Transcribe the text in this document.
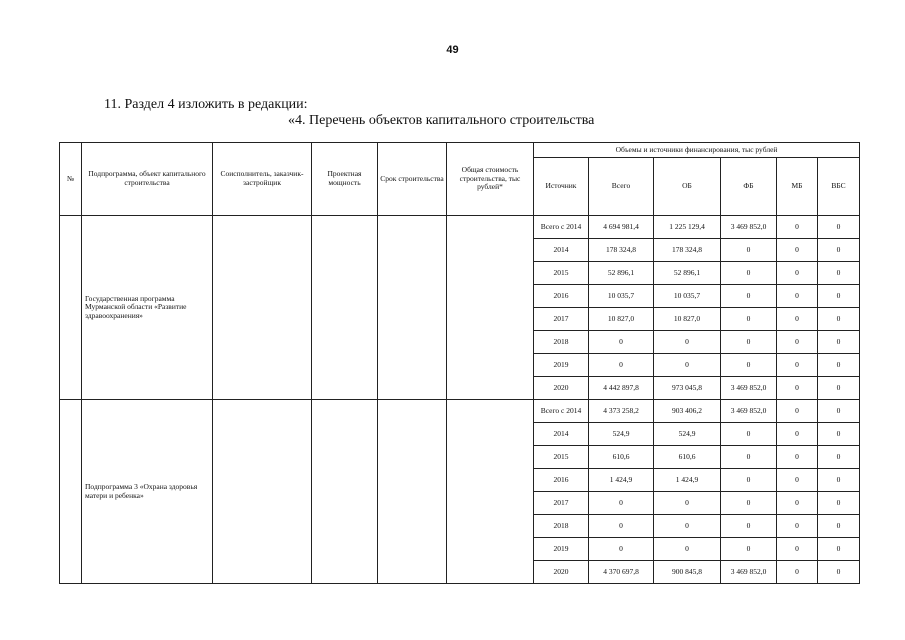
49
11. Раздел 4 изложить в редакции:
«4. Перечень объектов капитального строительства
№	Подпрограмма, объект капитального строительства	Соисполнитель, заказчик-застройщик	Проектная мощность	Срок строительства	Общая стоимость строительства, тыс рублей*	Объемы и источники финансирования, тыс рублей					
						Источник	Всего	ОБ	ФБ	МБ	ВБС
	Государственная программа Мурманской области «Развитие здравоохранения»					Всего с 2014	4 694 981,4	1 225 129,4	3 469 852,0	0	0
						2014	178 324,8	178 324,8	0	0	0
						2015	52 896,1	52 896,1	0	0	0
						2016	10 035,7	10 035,7	0	0	0
						2017	10 827,0	10 827,0	0	0	0
						2018	0	0	0	0	0
						2019	0	0	0	0	0
						2020	4 442 897,8	973 045,8	3 469 852,0	0	0
	Подпрограмма 3 «Охрана здоровья матери и ребенка»					Всего с 2014	4 373 258,2	903 406,2	3 469 852,0	0	0
						2014	524,9	524,9	0	0	0
						2015	610,6	610,6	0	0	0
						2016	1 424,9	1 424,9	0	0	0
						2017	0	0	0	0	0
						2018	0	0	0	0	0
						2019	0	0	0	0	0
						2020	4 370 697,8	900 845,8	3 469 852,0	0	0
